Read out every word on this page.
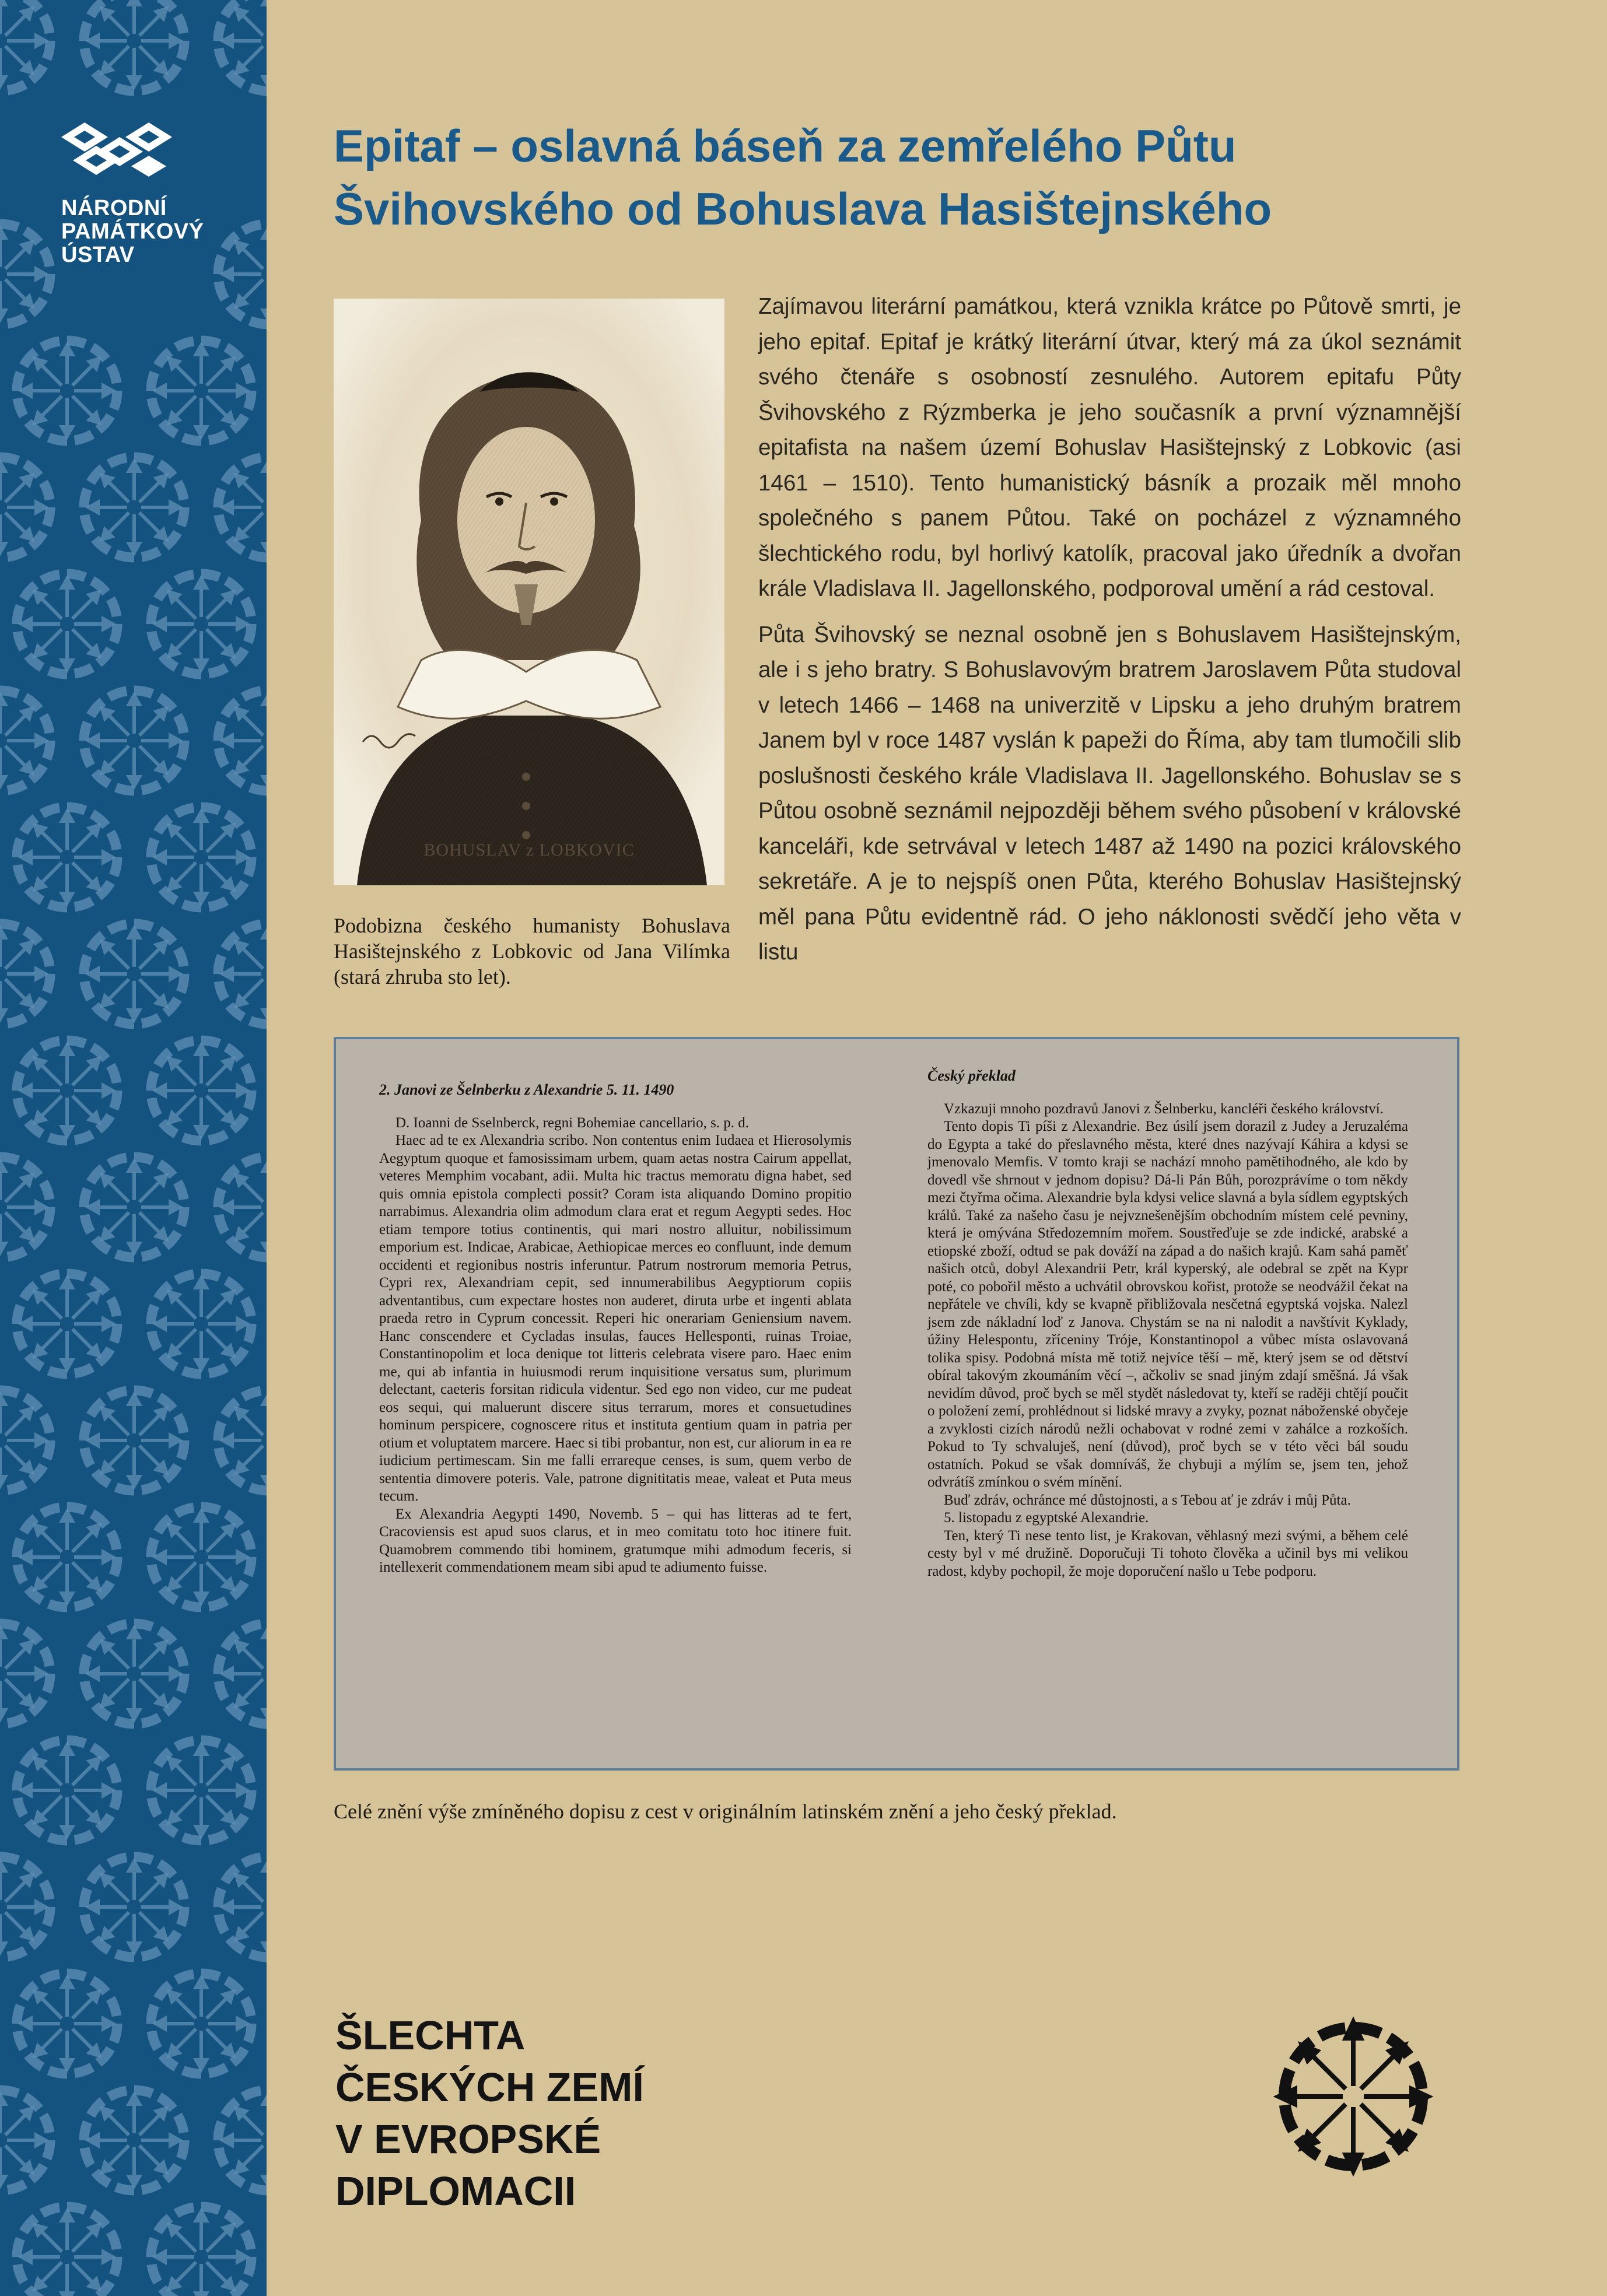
NÁRODNÍ
PAMÁTKOVÝ
ÚSTAV
Epitaf – oslavná báseň za zemřelého Půtu Švihovského od Bohuslava Hasištejnského
BOHUSLAV z LOBKOVIC

Podobizna českého humanisty Bohuslava Hasištejnského z Lobkovic od Jana Vilímka (stará zhruba sto let).

Zajímavou literární památkou, která vznikla krátce po Půtově smrti, je jeho epitaf. Epitaf je krátký literární útvar, který má za úkol seznámit svého čtenáře s osobností zesnulého. Autorem epitafu Půty Švihovského z Rýzmberka je jeho současník a první významnější epitafista na našem území Bohuslav Hasištejnský z Lobkovic (asi 1461 – 1510). Tento humanistický básník a prozaik měl mnoho společného s panem Půtou. Také on pocházel z významného šlechtického rodu, byl horlivý katolík, pracoval jako úředník a dvořan krále Vladislava II. Jagellonského, podporoval umění a rád cestoval.

Půta Švihovský se neznal osobně jen s Bohuslavem Hasištejnským, ale i s jeho bratry. S Bohuslavovým bratrem Jaroslavem Půta studoval v letech 1466 – 1468 na univerzitě v Lipsku a jeho druhým bratrem Janem byl v roce 1487 vyslán k papeži do Říma, aby tam tlumočili slib poslušnosti českého krále Vladislava II. Jagellonského. Bohuslav se s Půtou osobně seznámil nejpozději během svého působení v královské kanceláři, kde setrvával v letech 1487 až 1490 na pozici královského sekretáře. A je to nejspíš onen Půta, kterého Bohuslav Hasištejnský měl pana Půtu evidentně rád. O jeho náklonosti svědčí jeho věta v listu

2. Janovi ze Šelnberku z Alexandrie 5. 11. 1490

D. Ioanni de Sselnberck, regni Bohemiae cancellario, s. p. d.

Haec ad te ex Alexandria scribo. Non contentus enim Iudaea et Hierosolymis Aegyptum quoque et famosissimam urbem, quam aetas nostra Cairum appellat, veteres Memphim vocabant, adii. Multa hic tractus memoratu digna habet, sed quis omnia epistola complecti possit? Coram ista aliquando Domino propitio narrabimus. Alexandria olim admodum clara erat et regum Aegypti sedes. Hoc etiam tempore totius continentis, qui mari nostro alluitur, nobilissimum emporium est. Indicae, Arabicae, Aethiopicae merces eo confluunt, inde demum occidenti et regionibus nostris inferuntur. Patrum nostrorum memoria Petrus, Cypri rex, Alexandriam cepit, sed innumerabilibus Aegyptiorum copiis adventantibus, cum expectare hostes non auderet, diruta urbe et ingenti ablata praeda retro in Cyprum concessit. Reperi hic onerariam Geniensium navem. Hanc conscendere et Cycladas insulas, fauces Hellesponti, ruinas Troiae, Constantinopolim et loca denique tot litteris celebrata visere paro. Haec enim me, qui ab infantia in huiusmodi rerum inquisitione versatus sum, plurimum delectant, caeteris forsitan ridicula videntur. Sed ego non video, cur me pudeat eos sequi, qui maluerunt discere situs terrarum, mores et consuetudines hominum perspicere, cognoscere ritus et instituta gentium quam in patria per otium et voluptatem marcere. Haec si tibi probantur, non est, cur aliorum in ea re iudicium pertimescam. Sin me falli errareque censes, is sum, quem verbo de sententia dimovere poteris. Vale, patrone dignititatis meae, valeat et Puta meus tecum.

Ex Alexandria Aegypti 1490, Novemb. 5 – qui has litteras ad te fert, Cracoviensis est apud suos clarus, et in meo comitatu toto hoc itinere fuit. Quamobrem commendo tibi hominem, gratumque mihi admodum feceris, si intellexerit commendationem meam sibi apud te adiumento fuisse.

Český překlad

Vzkazuji mnoho pozdravů Janovi z Šelnberku, kancléři českého království.

Tento dopis Ti píši z Alexandrie. Bez úsilí jsem dorazil z Judey a Jeruzaléma do Egypta a také do přeslavného města, které dnes nazývají Káhira a kdysi se jmenovalo Memfis. V tomto kraji se nachází mnoho pamětihodného, ale kdo by dovedl vše shrnout v jednom dopisu? Dá-li Pán Bůh, porozprávíme o tom někdy mezi čtyřma očima. Alexandrie byla kdysi velice slavná a byla sídlem egyptských králů. Také za našeho času je nejvznešenějším obchodním místem celé pevniny, která je omývána Středozemním mořem. Soustřeďuje se zde indické, arabské a etiopské zboží, odtud se pak dováží na západ a do našich krajů. Kam sahá paměť našich otců, dobyl Alexandrii Petr, král kyperský, ale odebral se zpět na Kypr poté, co pobořil město a uchvátil obrovskou kořist, protože se neodvážil čekat na nepřátele ve chvíli, kdy se kvapně přibližovala nesčetná egyptská vojska. Nalezl jsem zde nákladní loď z Janova. Chystám se na ni nalodit a navštívit Kyklady, úžiny Helespontu, zříceniny Tróje, Konstantinopol a vůbec místa oslavovaná tolika spisy. Podobná místa mě totiž nejvíce těší – mě, který jsem se od dětství obíral takovým zkoumáním věcí –, ačkoliv se snad jiným zdají směšná. Já však nevidím důvod, proč bych se měl stydět následovat ty, kteří se raději chtějí poučit o položení zemí, prohlédnout si lidské mravy a zvyky, poznat náboženské obyčeje a zvyklosti cizích národů nežli ochabovat v rodné zemi v zahálce a rozkoších. Pokud to Ty schvaluješ, není (důvod), proč bych se v této věci bál soudu ostatních. Pokud se však domníváš, že chybuji a mýlím se, jsem ten, jehož odvrátíš zmínkou o svém mínění.

Buď zdráv, ochránce mé důstojnosti, a s Tebou ať je zdráv i můj Půta.

5. listopadu z egyptské Alexandrie.

Ten, který Ti nese tento list, je Krakovan, věhlasný mezi svými, a během celé cesty byl v mé družině. Doporučuji Ti tohoto člověka a učinil bys mi velikou radost, kdyby pochopil, že moje doporučení našlo u Tebe podporu.

Celé znění výše zmíněného dopisu z cest v originálním latinském znění a jeho český překlad.

ŠLECHTA
ČESKÝCH ZEMÍ
V EVROPSKÉ
DIPLOMACII
